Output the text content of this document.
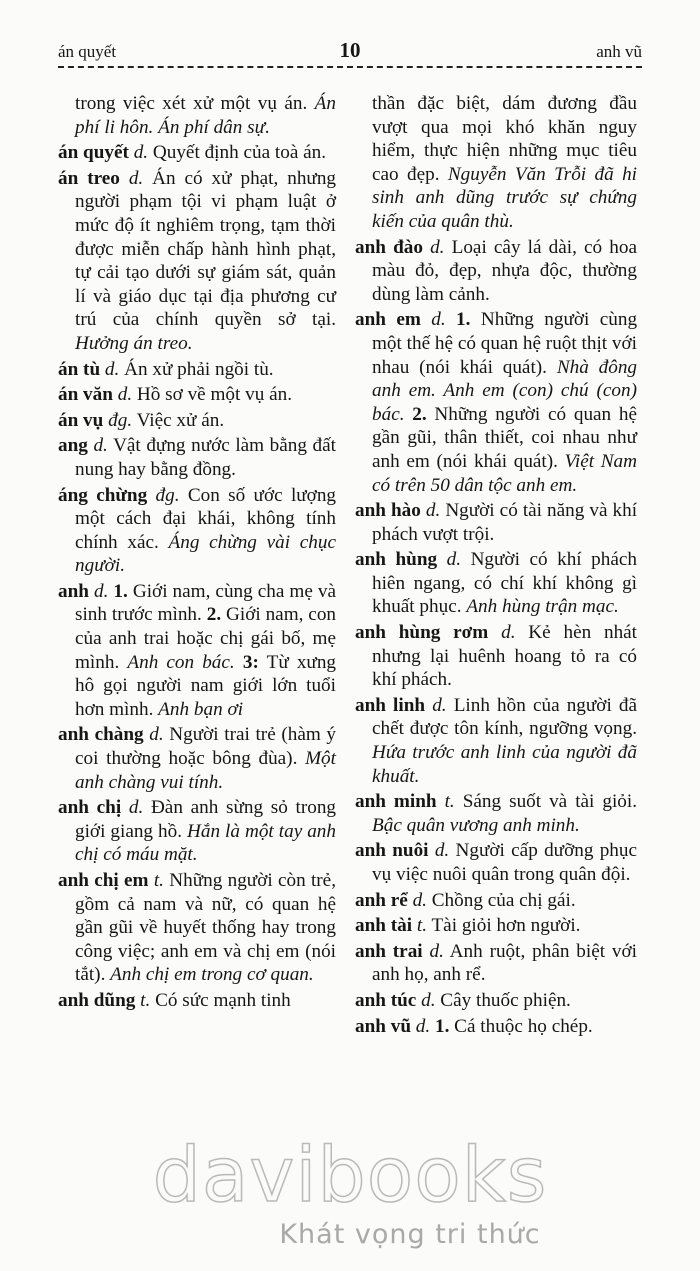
án quyết	10	anh vũ

trong việc xét xử một vụ án. Án phí li hôn. Án phí dân sự.

án quyết d. Quyết định của toà án.

án treo d. Án có xử phạt, nhưng người phạm tội vi phạm luật ở mức độ ít nghiêm trọng, tạm thời được miễn chấp hành hình phạt, tự cải tạo dưới sự giám sát, quản lí và giáo dục tại địa phương cư trú của chính quyền sở tại. Hưởng án treo.

án tù d. Án xử phải ngồi tù.

án văn d. Hồ sơ về một vụ án.

án vụ đg. Việc xử án.

ang d. Vật đựng nước làm bằng đất nung hay bằng đồng.

áng chừng đg. Con số ước lượng một cách đại khái, không tính chính xác. Áng chừng vài chục người.

anh d. 1. Giới nam, cùng cha mẹ và sinh trước mình. 2. Giới nam, con của anh trai hoặc chị gái bố, mẹ mình. Anh con bác. 3: Từ xưng hô gọi người nam giới lớn tuổi hơn mình. Anh bạn ơi

anh chàng d. Người trai trẻ (hàm ý coi thường hoặc bông đùa). Một anh chàng vui tính.

anh chị d. Đàn anh sừng sỏ trong giới giang hồ. Hắn là một tay anh chị có máu mặt.

anh chị em t. Những người còn trẻ, gồm cả nam và nữ, có quan hệ gần gũi về huyết thống hay trong công việc; anh em và chị em (nói tắt). Anh chị em trong cơ quan.

anh dũng t. Có sức mạnh tinh

thần đặc biệt, dám đương đầu vượt qua mọi khó khăn nguy hiểm, thực hiện những mục tiêu cao đẹp. Nguyễn Văn Trỗi đã hi sinh anh dũng trước sự chứng kiến của quân thù.

anh đào d. Loại cây lá dài, có hoa màu đỏ, đẹp, nhựa độc, thường dùng làm cảnh.

anh em d. 1. Những người cùng một thế hệ có quan hệ ruột thịt với nhau (nói khái quát). Nhà đông anh em. Anh em (con) chú (con) bác. 2. Những người có quan hệ gần gũi, thân thiết, coi nhau như anh em (nói khái quát). Việt Nam có trên 50 dân tộc anh em.

anh hào d. Người có tài năng và khí phách vượt trội.

anh hùng d. Người có khí phách hiên ngang, có chí khí không gì khuất phục. Anh hùng trận mạc.

anh hùng rơm d. Kẻ hèn nhát nhưng lại huênh hoang tỏ ra có khí phách.

anh linh d. Linh hồn của người đã chết được tôn kính, ngưỡng vọng. Hứa trước anh linh của người đã khuất.

anh minh t. Sáng suốt và tài giỏi. Bậc quân vương anh minh.

anh nuôi d. Người cấp dưỡng phục vụ việc nuôi quân trong quân đội.

anh rể d. Chồng của chị gái.

anh tài t. Tài giỏi hơn người.

anh trai d. Anh ruột, phân biệt với anh họ, anh rể.

anh túc d. Cây thuốc phiện.

anh vũ d. 1. Cá thuộc họ chép.

davibooks
Khát vọng tri thức
